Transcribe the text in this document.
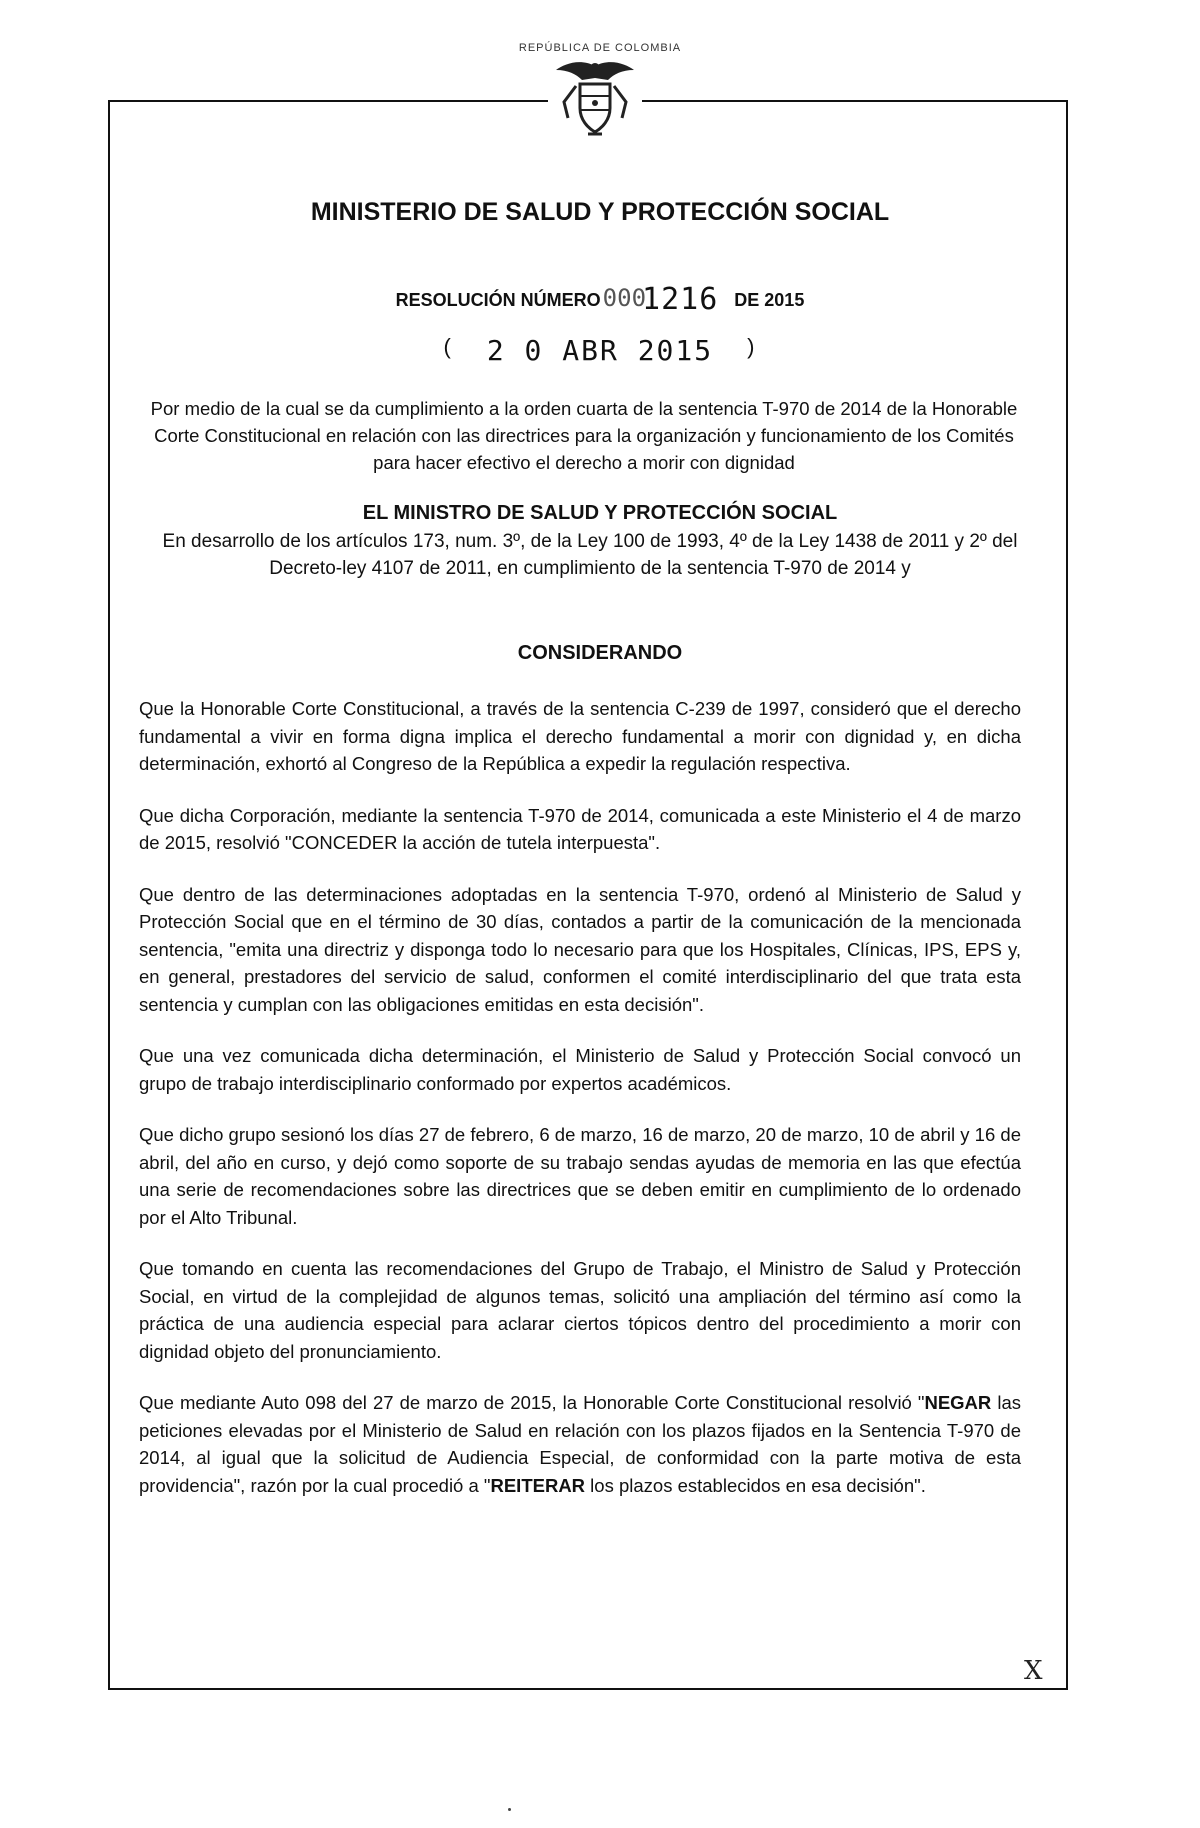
REPÚBLICA DE COLOMBIA
MINISTERIO DE SALUD Y PROTECCIÓN SOCIAL
RESOLUCIÓN NÚMERO0001216 DE 2015
( 2 0 ABR 2015 )
Por medio de la cual se da cumplimiento a la orden cuarta de la sentencia T-970 de 2014 de la Honorable Corte Constitucional en relación con las directrices para la organización y funcionamiento de los Comités para hacer efectivo el derecho a morir con dignidad
EL MINISTRO DE SALUD Y PROTECCIÓN SOCIAL
En desarrollo de los artículos 173, num. 3º, de la Ley 100 de 1993, 4º de la Ley 1438 de 2011 y 2º del Decreto-ley 4107 de 2011, en cumplimiento de la sentencia T-970 de 2014 y
CONSIDERANDO

Que la Honorable Corte Constitucional, a través de la sentencia C-239 de 1997, consideró que el derecho fundamental a vivir en forma digna implica el derecho fundamental a morir con dignidad y, en dicha determinación, exhortó al Congreso de la República a expedir la regulación respectiva.

Que dicha Corporación, mediante la sentencia T-970 de 2014, comunicada a este Ministerio el 4 de marzo de 2015, resolvió "CONCEDER la acción de tutela interpuesta".

Que dentro de las determinaciones adoptadas en la sentencia T-970, ordenó al Ministerio de Salud y Protección Social que en el término de 30 días, contados a partir de la comunicación de la mencionada sentencia, "emita una directriz y disponga todo lo necesario para que los Hospitales, Clínicas, IPS, EPS y, en general, prestadores del servicio de salud, conformen el comité interdisciplinario del que trata esta sentencia y cumplan con las obligaciones emitidas en esta decisión".

Que una vez comunicada dicha determinación, el Ministerio de Salud y Protección Social convocó un grupo de trabajo interdisciplinario conformado por expertos académicos.

Que dicho grupo sesionó los días 27 de febrero, 6 de marzo, 16 de marzo, 20 de marzo, 10 de abril y 16 de abril, del año en curso, y dejó como soporte de su trabajo sendas ayudas de memoria en las que efectúa una serie de recomendaciones sobre las directrices que se deben emitir en cumplimiento de lo ordenado por el Alto Tribunal.

Que tomando en cuenta las recomendaciones del Grupo de Trabajo, el Ministro de Salud y Protección Social, en virtud de la complejidad de algunos temas, solicitó una ampliación del término así como la práctica de una audiencia especial para aclarar ciertos tópicos dentro del procedimiento a morir con dignidad objeto del pronunciamiento.

Que mediante Auto 098 del 27 de marzo de 2015, la Honorable Corte Constitucional resolvió "NEGAR las peticiones elevadas por el Ministerio de Salud en relación con los plazos fijados en la Sentencia T-970 de 2014, al igual que la solicitud de Audiencia Especial, de conformidad con la parte motiva de esta providencia", razón por la cual procedió a "REITERAR los plazos establecidos en esa decisión".

X
